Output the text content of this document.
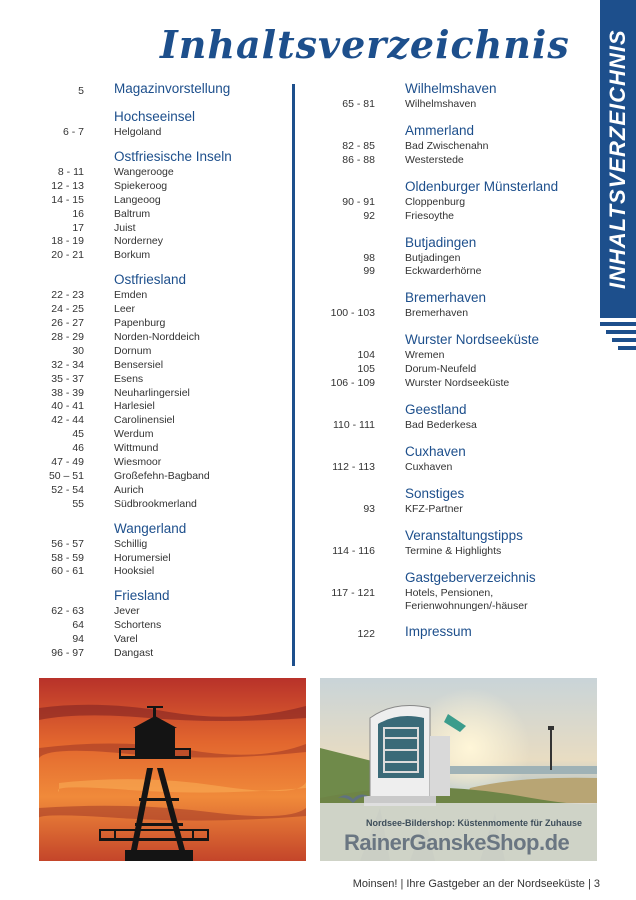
Inhaltsverzeichnis INHALTSVERZEICHNIS
5 Magazinvorstellung
Hochseeinsel
6 - 7	Helgoland
Ostfriesische Inseln
8 - 11	Wangerooge
12 - 13	Spiekeroog
14 - 15	Langeoog
16	Baltrum
17	Juist
18 - 19	Norderney
20 - 21	Borkum
Ostfriesland
22 - 23	Emden
24 - 25	Leer
26 - 27	Papenburg
28 - 29	Norden-Norddeich
30	Dornum
32 - 34	Bensersiel
35 - 37	Esens
38 - 39	Neuharlingersiel
40 - 41	Harlesiel
42 - 44	Carolinensiel
45	Werdum
46	Wittmund
47 - 49	Wiesmoor
50 – 51	Großefehn-Bagband
52 - 54	Aurich
55	Südbrookmerland
Wangerland
56 - 57	Schillig
58 - 59	Horumersiel
60 - 61	Hooksiel
Friesland
62 - 63	Jever
64	Schortens
94	Varel
96 - 97	Dangast
Wilhelmshaven
65 - 81	Wilhelmshaven
Ammerland
82 - 85	Bad Zwischenahn
86 - 88	Westerstede
Oldenburger Münsterland
90 - 91	Cloppenburg
92	Friesoythe
Butjadingen
98	Butjadingen
99	Eckwarderhörne
Bremerhaven
100 - 103	Bremerhaven
Wurster Nordseeküste
104	Wremen
105	Dorum-Neufeld
106 - 109	Wurster Nordseeküste
Geestland
110 - 111	Bad Bederkesa
Cuxhaven
112 - 113	Cuxhaven
Sonstiges
93	KFZ-Partner
Veranstaltungstipps
114 - 116	Termine & Highlights
Gastgeberverzeichnis
117 - 121	Hotels, Pensionen,
Ferienwohnungen/-häuser
122 Impressum
Nordsee-Bildershop: Küstenmomente für Zuhause
RainerGanskeShop.de
Moinsen! | Ihre Gastgeber an der Nordseeküste | 3
